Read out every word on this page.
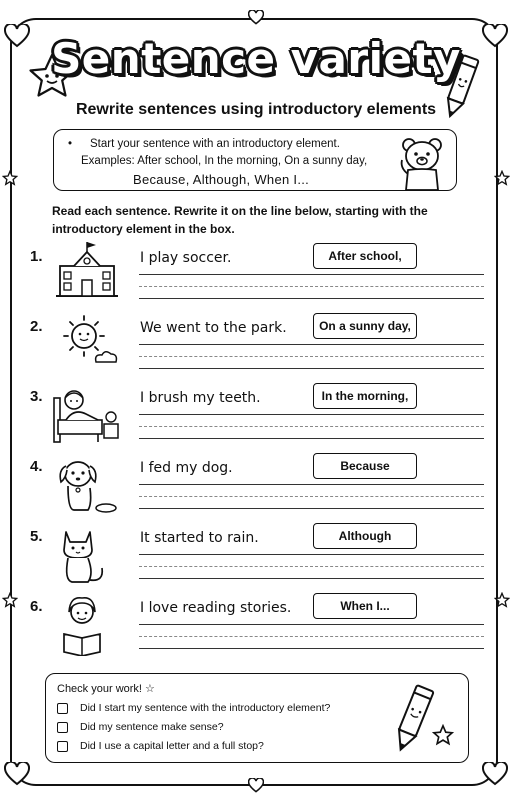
Sentence variety
Rewrite sentences using introductory elements
• Start your sentence with an introductory element.
Examples: After school, In the morning, On a sunny day,
Because, Although, When I...
Read each sentence. Rewrite it on the line below, starting with the introductory element in the box.
1.	I play soccer.	After school,
2.	We went to the park.	On a sunny day,
3.	I brush my teeth.	In the morning,
4.	I fed my dog.	Because
5.	It started to rain.	Although
6.	I love reading stories.	When I...
Check your work! ☆
Did I start my sentence with the introductory element?
Did my sentence make sense?
Did I use a capital letter and a full stop?
